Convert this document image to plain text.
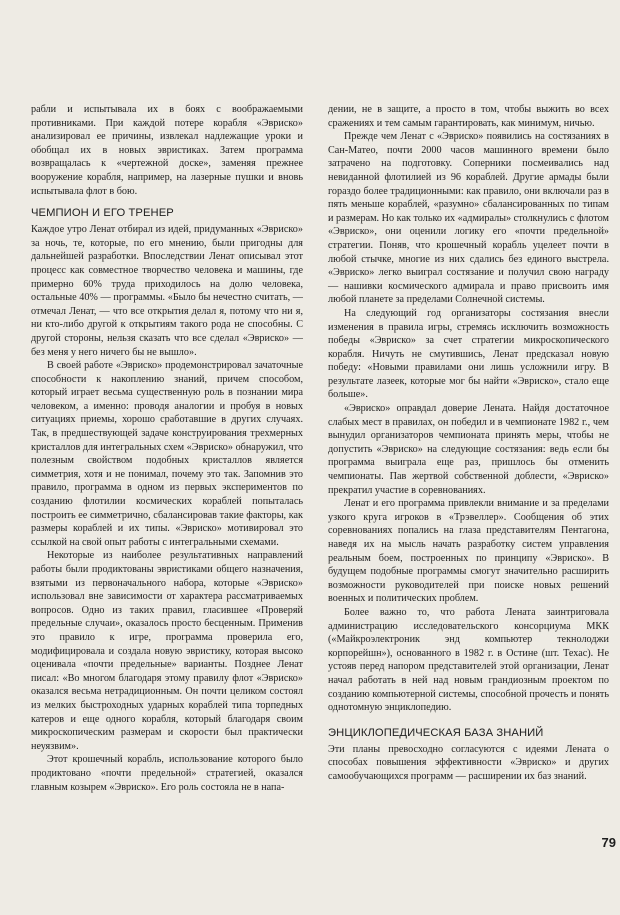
рабли и испытывала их в боях с воображаемыми противниками. При каждой потере корабля «Эвриско» анализировал ее причины, извлекал надлежащие уроки и обобщал их в новых эвристиках. Затем программа возвращалась к «чертежной доске», заменяя прежнее вооружение корабля, например, на лазерные пушки и вновь испытывала флот в бою.

ЧЕМПИОН И ЕГО ТРЕНЕР

Каждое утро Ленат отбирал из идей, придуманных «Эвриско» за ночь, те, которые, по его мнению, были пригодны для дальнейшей разработки. Впоследствии Ленат описывал этот процесс как совместное творчество человека и машины, где примерно 60% труда приходилось на долю человека, остальные 40% — программы. «Было бы нечестно считать, — отмечал Ленат, — что все открытия делал я, потому что ни я, ни кто-либо другой к открытиям такого рода не способны. С другой стороны, нельзя сказать что все сделал «Эвриско» — без меня у него ничего бы не вышло».

В своей работе «Эвриско» продемонстрировал зачаточные способности к накоплению знаний, причем способом, который играет весьма существенную роль в познании мира человеком, а именно: проводя аналогии и пробуя в новых ситуациях приемы, хорошо сработавшие в других случаях. Так, в предшествующей задаче конструирования трехмерных кристаллов для интегральных схем «Эвриско» обнаружил, что полезным свойством подобных кристаллов является симметрия, хотя и не понимал, почему это так. Запомнив это правило, программа в одном из первых экспериментов по созданию флотилии космических кораблей попыталась построить ее симметрично, сбалансировав такие факторы, как размеры кораблей и их типы. «Эвриско» мотивировал это ссылкой на свой опыт работы с интегральными схемами.

Некоторые из наиболее результативных направлений работы были продиктованы эвристиками общего назначения, взятыми из первоначального набора, которые «Эвриско» использовал вне зависимости от характера рассматриваемых вопросов. Одно из таких правил, гласившее «Проверяй предельные случаи», оказалось просто бесценным. Применив это правило к игре, программа проверила его, модифицировала и создала новую эвристику, которая высоко оценивала «почти предельные» варианты. Позднее Ленат писал: «Во многом благодаря этому правилу флот «Эвриско» оказался весьма нетрадиционным. Он почти целиком состоял из мелких быстроходных ударных кораблей типа торпедных катеров и еще одного корабля, который благодаря своим микроскопическим размерам и скорости был практически неуязвим».

Этот крошечный корабль, использование которого было продиктовано «почти предельной» стратегией, оказался главным козырем «Эвриско». Его роль состояла не в напа-

дении, не в защите, а просто в том, чтобы выжить во всех сражениях и тем самым гарантировать, как минимум, ничью.

Прежде чем Ленат с «Эвриско» появились на состязаниях в Сан-Матео, почти 2000 часов машинного времени было затрачено на подготовку. Соперники посмеивались над невиданной флотилией из 96 кораблей. Другие армады были гораздо более традиционными: как правило, они включали раз в пять меньше кораблей, «разумно» сбалансированных по типам и размерам. Но как только их «адмиралы» столкнулись с флотом «Эвриско», они оценили логику его «почти предельной» стратегии. Поняв, что крошечный корабль уцелеет почти в любой стычке, многие из них сдались без единого выстрела. «Эвриско» легко выиграл состязание и получил свою награду — нашивки космического адмирала и право присвоить имя любой планете за пределами Солнечной системы.

На следующий год организаторы состязания внесли изменения в правила игры, стремясь исключить возможность победы «Эвриско» за счет стратегии микроскопического корабля. Ничуть не смутившись, Ленат предсказал новую победу: «Новыми правилами они лишь усложнили игру. В результате лазеек, которые мог бы найти «Эвриско», стало еще больше».

«Эвриско» оправдал доверие Лената. Найдя достаточное слабых мест в правилах, он победил и в чемпионате 1982 г., чем вынудил организаторов чемпионата принять меры, чтобы не допустить «Эвриско» на следующие состязания: ведь если бы программа выиграла еще раз, пришлось бы отменить чемпионаты. Пав жертвой собственной доблести, «Эвриско» прекратил участие в соревнованиях.

Ленат и его программа привлекли внимание и за пределами узкого круга игроков в «Трэвеллер». Сообщения об этих соревнованиях попались на глаза представителям Пентагона, наведя их на мысль начать разработку систем управления реальным боем, построенных по принципу «Эвриско». В будущем подобные программы смогут значительно расширить возможности руководителей при поиске новых решений военных и политических проблем.

Более важно то, что работа Лената заинтриговала администрацию исследовательского консорциума МКК («Майкроэлектроник энд компьютер текнолоджи корпорейшн»), основанного в 1982 г. в Остине (шт. Техас). Не устояв перед напором представителей этой организации, Ленат начал работать в ней над новым грандиозным проектом по созданию компьютерной системы, способной прочесть и понять однотомную энциклопедию.

ЭНЦИКЛОПЕДИЧЕСКАЯ БАЗА ЗНАНИЙ

Эти планы превосходно согласуются с идеями Лената о способах повышения эффективности «Эвриско» и других самообучающихся программ — расширении их баз знаний.

79
